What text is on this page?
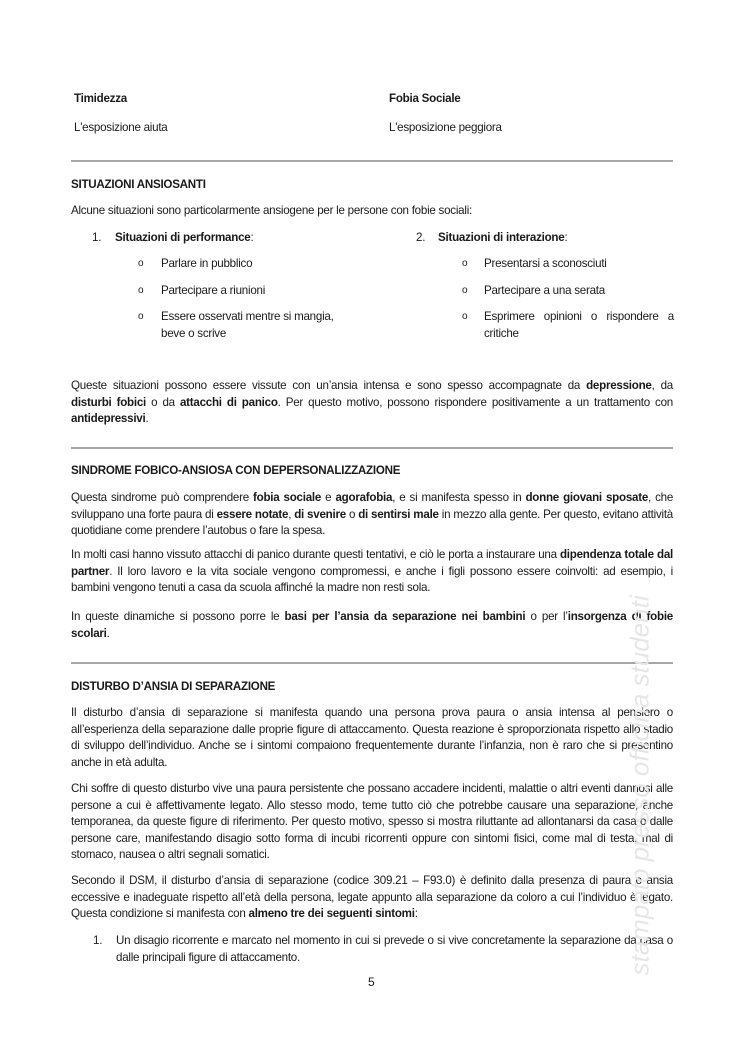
Timidezza
L'esposizione aiuta
Fobia Sociale
L'esposizione peggiora
SITUAZIONI ANSIOSANTI
Alcune situazioni sono particolarmente ansiogene per le persone con fobie sociali:
1. Situazioni di performance:
o Parlare in pubblico
o Partecipare a riunioni
o Essere osservati mentre si mangia, beve o scrive
2. Situazioni di interazione:
o Presentarsi a sconosciuti
o Partecipare a una serata
o Esprimere opinioni o rispondere a critiche
Queste situazioni possono essere vissute con un’ansia intensa e sono spesso accompagnate da depressione, da disturbi fobici o da attacchi di panico. Per questo motivo, possono rispondere positivamente a un trattamento con antidepressivi.
SINDROME FOBICO-ANSIOSA CON DEPERSONALIZZAZIONE
Questa sindrome può comprendere fobia sociale e agorafobia, e si manifesta spesso in donne giovani sposate, che sviluppano una forte paura di essere notate, di svenire o di sentirsi male in mezzo alla gente. Per questo, evitano attività quotidiane come prendere l’autobus o fare la spesa.
In molti casi hanno vissuto attacchi di panico durante questi tentativi, e ciò le porta a instaurare una dipendenza totale dal partner. Il loro lavoro e la vita sociale vengono compromessi, e anche i figli possono essere coinvolti: ad esempio, i bambini vengono tenuti a casa da scuola affinché la madre non resti sola.
In queste dinamiche si possono porre le basi per l’ansia da separazione nei bambini o per l’insorgenza di fobie scolari.
DISTURBO D’ANSIA DI SEPARAZIONE
Il disturbo d’ansia di separazione si manifesta quando una persona prova paura o ansia intensa al pensiero o all’esperienza della separazione dalle proprie figure di attaccamento. Questa reazione è sproporzionata rispetto allo stadio di sviluppo dell’individuo. Anche se i sintomi compaiono frequentemente durante l’infanzia, non è raro che si presentino anche in età adulta.
Chi soffre di questo disturbo vive una paura persistente che possano accadere incidenti, malattie o altri eventi dannosi alle persone a cui è affettivamente legato. Allo stesso modo, teme tutto ciò che potrebbe causare una separazione, anche temporanea, da queste figure di riferimento. Per questo motivo, spesso si mostra riluttante ad allontanarsi da casa o dalle persone care, manifestando disagio sotto forma di incubi ricorrenti oppure con sintomi fisici, come mal di testa, mal di stomaco, nausea o altri segnali somatici.
Secondo il DSM, il disturbo d’ansia di separazione (codice 309.21 – F93.0) è definito dalla presenza di paura o ansia eccessive e inadeguate rispetto all’età della persona, legate appunto alla separazione da coloro a cui l’individuo è legato. Questa condizione si manifesta con almeno tre dei seguenti sintomi:
1. Un disagio ricorrente e marcato nel momento in cui si prevede o si vive concretamente la separazione da casa o dalle principali figure di attaccamento.
5
stampato presso officina studenti
